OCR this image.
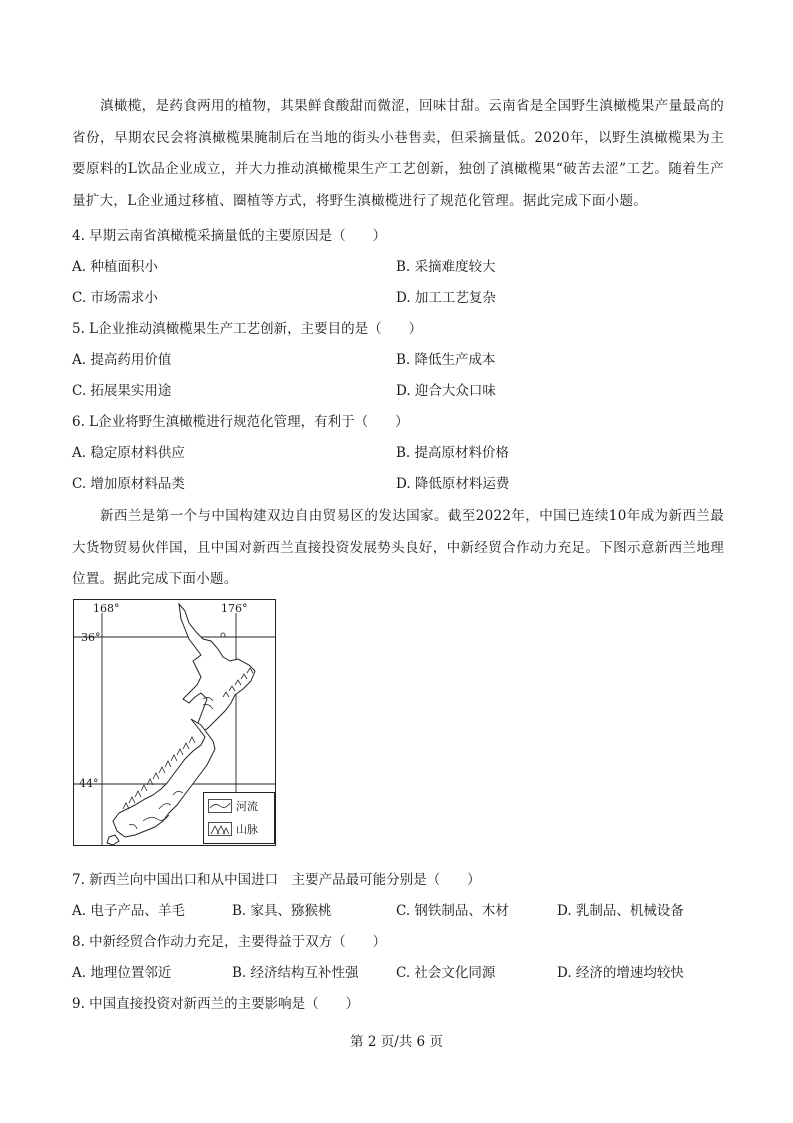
滇橄榄，是药食两用的植物，其果鲜食酸甜而微涩，回味甘甜。云南省是全国野生滇橄榄果产量最高的省份，早期农民会将滇橄榄果腌制后在当地的街头小巷售卖，但采摘量低。2020年，以野生滇橄榄果为主要原料的L饮品企业成立，并大力推动滇橄榄果生产工艺创新，独创了滇橄榄果“破苦去涩”工艺。随着生产量扩大，L企业通过移植、圈植等方式，将野生滇橄榄进行了规范化管理。据此完成下面小题。

4. 早期云南省滇橄榄采摘量低的主要原因是（　　）

A. 种植面积小	B. 采摘难度较大

C. 市场需求小	D. 加工工艺复杂

5. L企业推动滇橄榄果生产工艺创新，主要目的是（　　）

A. 提高药用价值	B. 降低生产成本

C. 拓展果实用途	D. 迎合大众口味

6. L企业将野生滇橄榄进行规范化管理，有利于（　　）

A. 稳定原材料供应	B. 提高原材料价格

C. 增加原材料品类	D. 降低原材料运费

新西兰是第一个与中国构建双边自由贸易区的发达国家。截至2022年，中国已连续10年成为新西兰最大货物贸易伙伴国，且中国对新西兰直接投资发展势头良好，中新经贸合作动力充足。下图示意新西兰地理位置。据此完成下面小题。

168°	176°
36°
44°
河流
山脉

7. 新西兰向中国出口和从中国进口　主要产品最可能分别是（　　）

A. 电子产品、羊毛	B. 家具、猕猴桃	C. 钢铁制品、木材	D. 乳制品、机械设备

8. 中新经贸合作动力充足，主要得益于双方（　　）

A. 地理位置邻近	B. 经济结构互补性强	C. 社会文化同源	D. 经济的增速均较快

9. 中国直接投资对新西兰的主要影响是（　　）

第 2 页/共 6 页
